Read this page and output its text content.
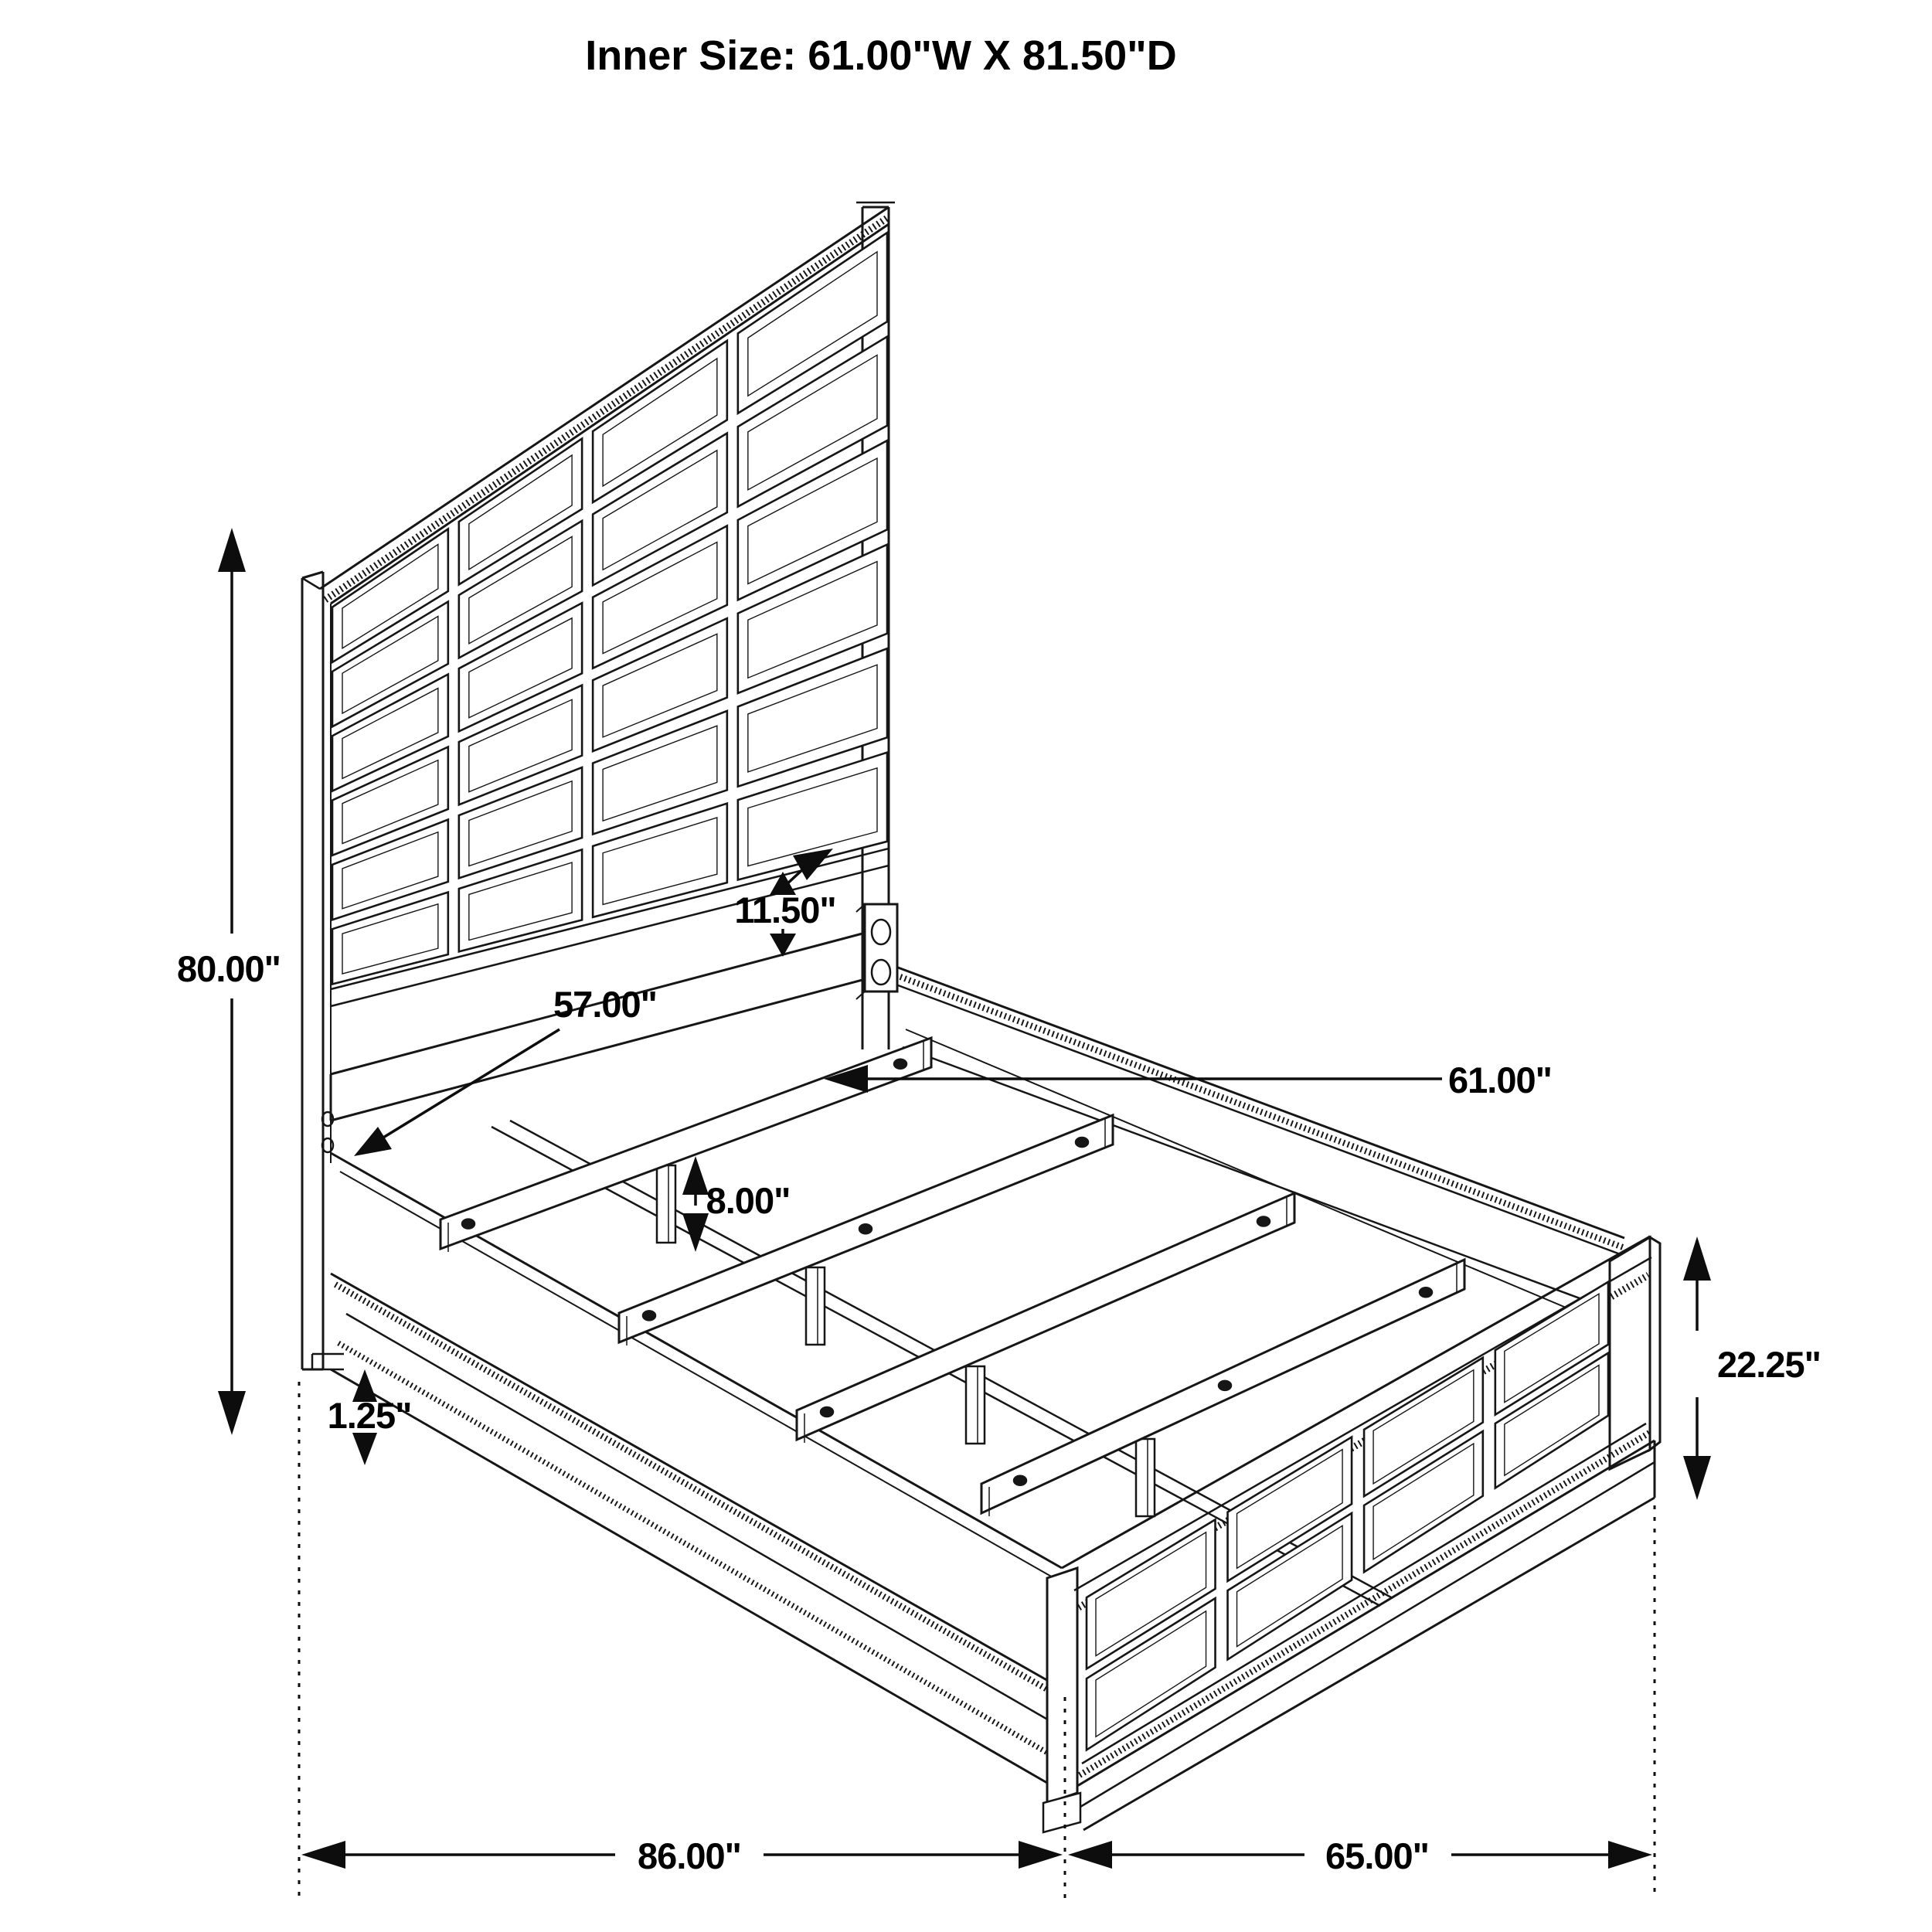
Inner Size: 61.00"W X 81.50"D
80.00"
57.00"
11.50"
61.00"
8.00"
1.25"
22.25"
86.00"	65.00"
